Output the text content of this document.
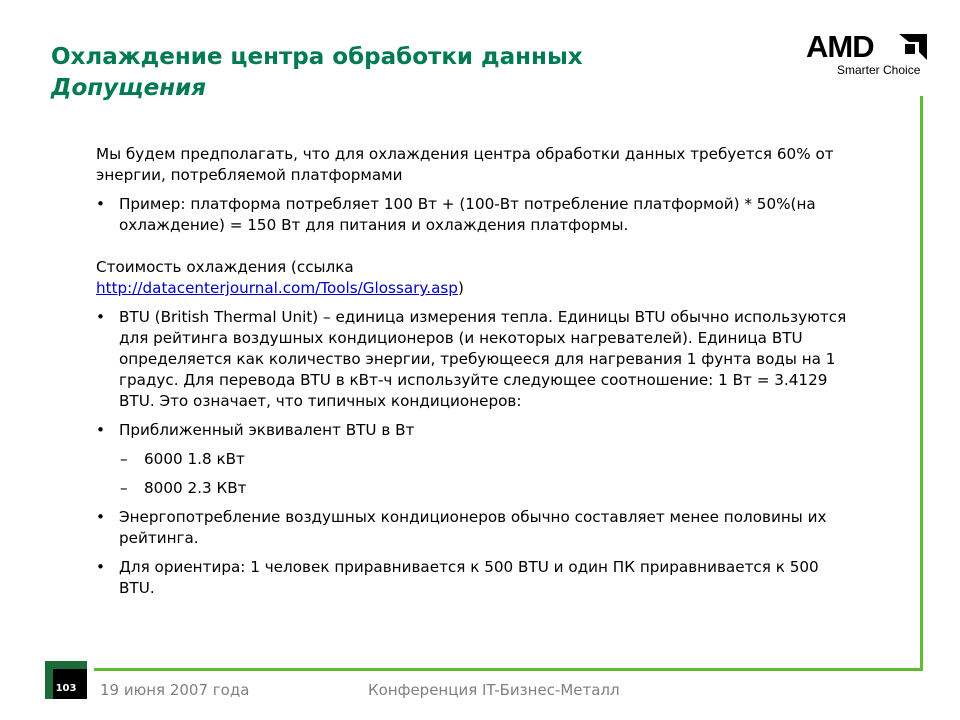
Охлаждение центра обработки данных
Допущения
AMD
Smarter Choice

Мы будем предполагать, что для охлаждения центра обработки данных требуется 60% от энергии, потребляемой платформами

• Пример: платформа потребляет 100 Вт + (100-Вт потребление платформой) * 50%(на охлаждение) = 150 Вт для питания и охлаждения платформы.

Стоимость охлаждения (ссылка
http://datacenterjournal.com/Tools/Glossary.asp)

• BTU (British Thermal Unit) – единица измерения тепла. Единицы BTU обычно используются для рейтинга воздушных кондиционеров (и некоторых нагревателей). Единица BTU определяется как количество энергии, требующееся для нагревания 1 фунта воды на 1 градус. Для перевода BTU в кВт-ч используйте следующее соотношение: 1 Вт = 3.4129 BTU. Это означает, что типичных кондиционеров:
• Приближенный эквивалент BTU в Вт
– 6000 1.8 кВт
– 8000 2.3 КВт
• Энергопотребление воздушных кондиционеров обычно составляет менее половины их рейтинга.
• Для ориентира: 1 человек приравнивается к 500 BTU и один ПК приравнивается к 500 BTU.
103	19 июня 2007 года	Конференция IT-Бизнес-Металл
